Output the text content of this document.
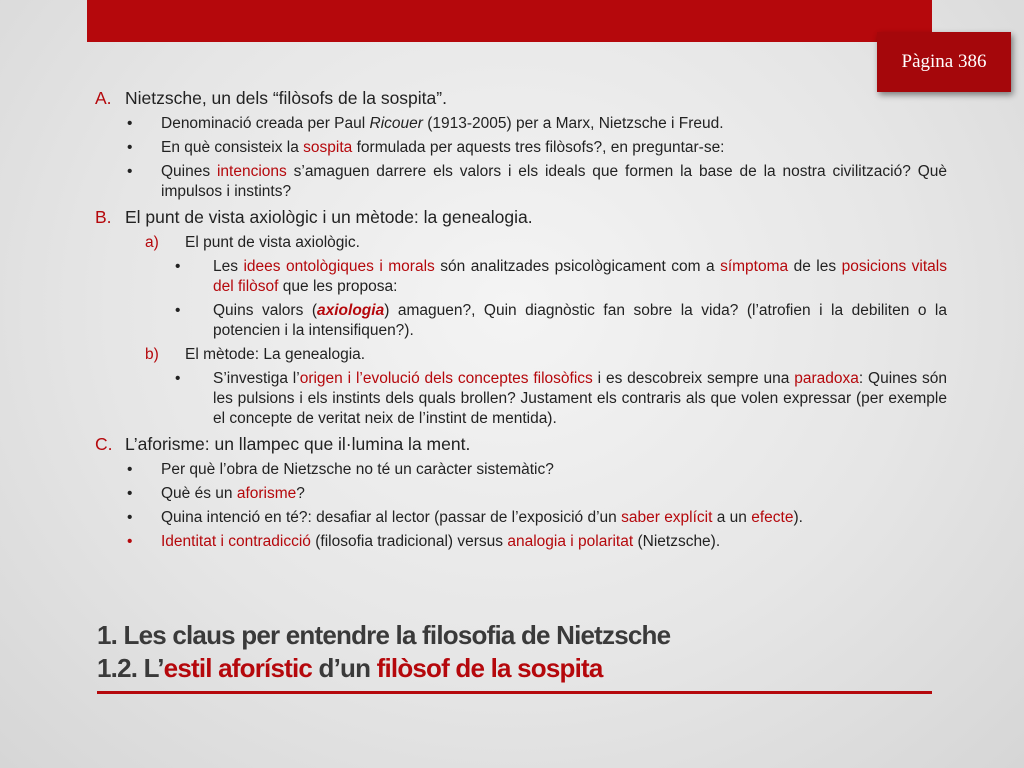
Pàgina 386
A. Nietzsche, un dels “filòsofs de la sospita”.
•	Denominació creada per Paul Ricouer (1913-2005) per a Marx, Nietzsche i Freud.
•	En què consisteix la sospita formulada per aquests tres filòsofs?, en preguntar-se:
•	Quines intencions s’amaguen darrere els valors i els ideals que formen la base de la nostra civilització? Què impulsos i instints?
B. El punt de vista axiològic i un mètode: la genealogia.
a)	El punt de vista axiològic.
•	Les idees ontològiques i morals són analitzades psicològicament com a símptoma de les posicions vitals del filòsof que les proposa:
•	Quins valors (axiologia) amaguen?, Quin diagnòstic fan sobre la vida? (l’atrofien i la debiliten o la potencien i la intensifiquen?).
b)	El mètode: La genealogia.
•	S’investiga l’origen i l’evolució dels conceptes filosòfics i es descobreix sempre una paradoxa: Quines són les pulsions i els instints dels quals brollen? Justament els contraris als que volen expressar (per exemple el concepte de veritat neix de l’instint de mentida).
C. L’aforisme: un llampec que il·lumina la ment.
•	Per què l’obra de Nietzsche no té un caràcter sistemàtic?
•	Què és un aforisme?
•	Quina intenció en té?: desafiar al lector (passar de l’exposició d’un saber explícit a un efecte).
•	Identitat i contradicció (filosofia tradicional) versus analogia i polaritat (Nietzsche).
1. Les claus per entendre la filosofia de Nietzsche
1.2. L’estil aforístic d’un filòsof de la sospita
